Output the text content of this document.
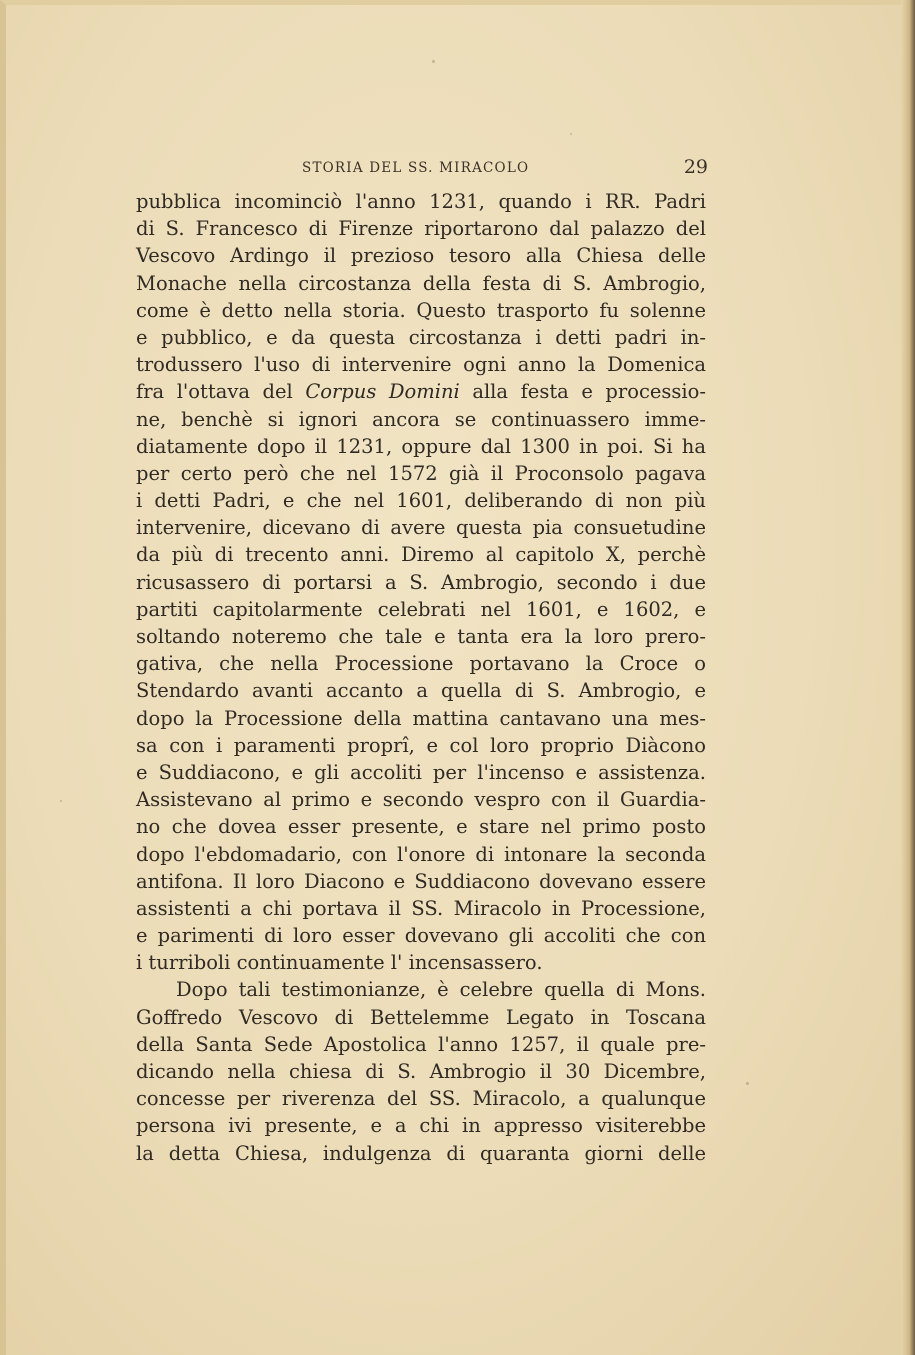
STORIA DEL SS. MIRACOLO	29
pubblica incominciò l'anno 1231, quando i RR. Padri
di S. Francesco di Firenze riportarono dal palazzo del
Vescovo Ardingo il prezioso tesoro alla Chiesa delle
Monache nella circostanza della festa di S. Ambrogio,
come è detto nella storia. Questo trasporto fu solenne
e pubblico, e da questa circostanza i detti padri in-
trodussero l'uso di intervenire ogni anno la Domenica
fra l'ottava del Corpus Domini alla festa e processio-
ne, benchè si ignori ancora se continuassero imme-
diatamente dopo il 1231, oppure dal 1300 in poi. Si ha
per certo però che nel 1572 già il Proconsolo pagava
i detti Padri, e che nel 1601, deliberando di non più
intervenire, dicevano di avere questa pia consuetudine
da più di trecento anni. Diremo al capitolo X, perchè
ricusassero di portarsi a S. Ambrogio, secondo i due
partiti capitolarmente celebrati nel 1601, e 1602, e
soltando noteremo che tale e tanta era la loro prero-
gativa, che nella Processione portavano la Croce o
Stendardo avanti accanto a quella di S. Ambrogio, e
dopo la Processione della mattina cantavano una mes-
sa con i paramenti proprî, e col loro proprio Diàcono
e Suddiacono, e gli accoliti per l'incenso e assistenza.
Assistevano al primo e secondo vespro con il Guardia-
no che dovea esser presente, e stare nel primo posto
dopo l'ebdomadario, con l'onore di intonare la seconda
antifona. Il loro Diacono e Suddiacono dovevano essere
assistenti a chi portava il SS. Miracolo in Processione,
e parimenti di loro esser dovevano gli accoliti che con
i turriboli continuamente l' incensassero.
Dopo tali testimonianze, è celebre quella di Mons.
Goffredo Vescovo di Bettelemme Legato in Toscana
della Santa Sede Apostolica l'anno 1257, il quale pre-
dicando nella chiesa di S. Ambrogio il 30 Dicembre,
concesse per riverenza del SS. Miracolo, a qualunque
persona ivi presente, e a chi in appresso visiterebbe
la detta Chiesa, indulgenza di quaranta giorni delle
